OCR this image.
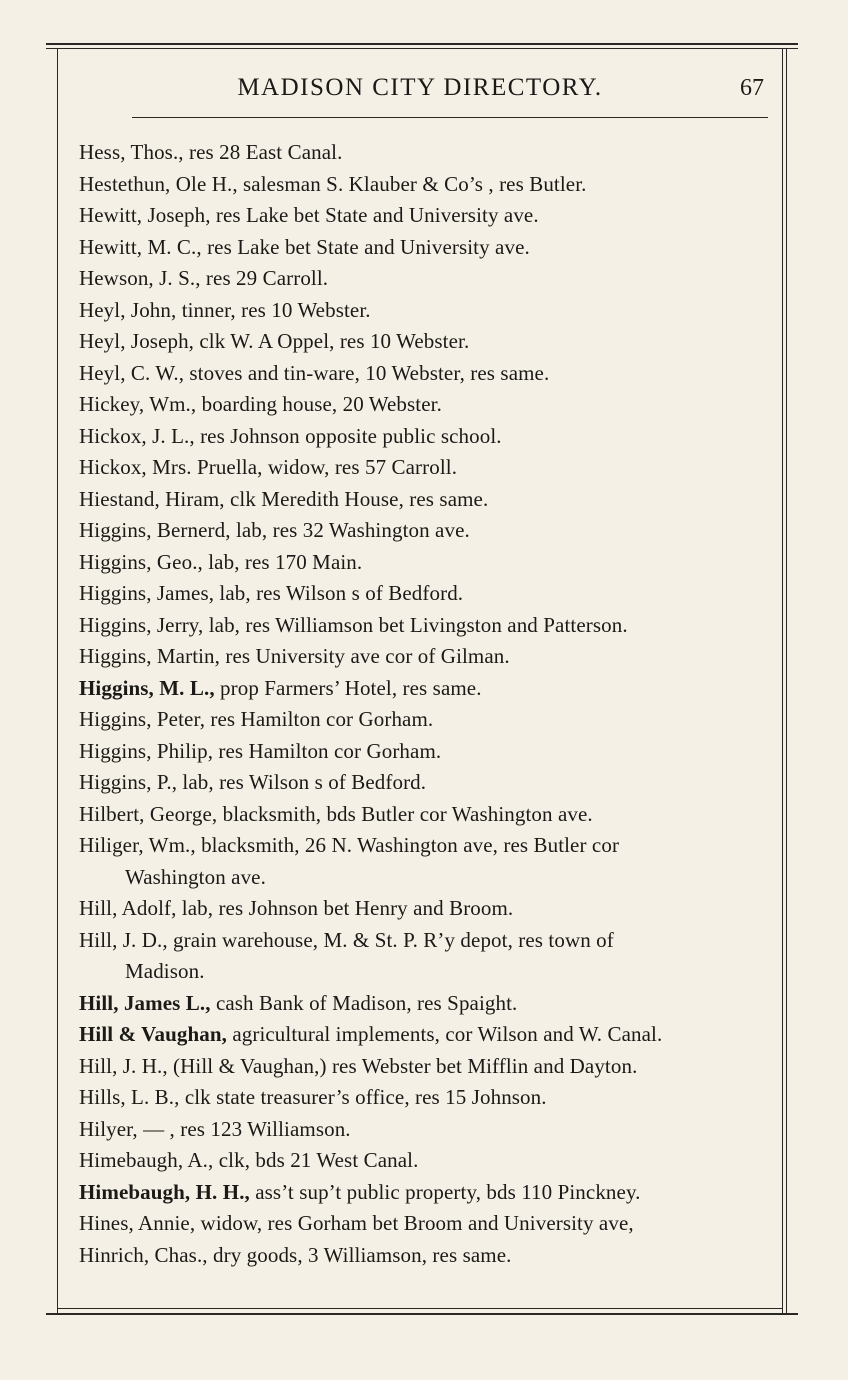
MADISON CITY DIRECTORY.	67
Hess, Thos., res 28 East Canal.
Hestethun, Ole H., salesman S. Klauber & Co’s , res Butler.
Hewitt, Joseph, res Lake bet State and University ave.
Hewitt, M. C., res Lake bet State and University ave.
Hewson, J. S., res 29 Carroll.
Heyl, John, tinner, res 10 Webster.
Heyl, Joseph, clk W. A Oppel, res 10 Webster.
Heyl, C. W., stoves and tin-ware, 10 Webster, res same.
Hickey, Wm., boarding house, 20 Webster.
Hickox, J. L., res Johnson opposite public school.
Hickox, Mrs. Pruella, widow, res 57 Carroll.
Hiestand, Hiram, clk Meredith House, res same.
Higgins, Bernerd, lab, res 32 Washington ave.
Higgins, Geo., lab, res 170 Main.
Higgins, James, lab, res Wilson s of Bedford.
Higgins, Jerry, lab, res Williamson bet Livingston and Patterson.
Higgins, Martin, res University ave cor of Gilman.
Higgins, M. L., prop Farmers’ Hotel, res same.
Higgins, Peter, res Hamilton cor Gorham.
Higgins, Philip, res Hamilton cor Gorham.
Higgins, P., lab, res Wilson s of Bedford.
Hilbert, George, blacksmith, bds Butler cor Washington ave.
Hiliger, Wm., blacksmith, 26 N. Washington ave, res Butler cor
Washington ave.
Hill, Adolf, lab, res Johnson bet Henry and Broom.
Hill, J. D., grain warehouse, M. & St. P. R’y depot, res town of
Madison.
Hill, James L., cash Bank of Madison, res Spaight.
Hill & Vaughan, agricultural implements, cor Wilson and W. Canal.
Hill, J. H., (Hill & Vaughan,) res Webster bet Mifflin and Dayton.
Hills, L. B., clk state treasurer’s office, res 15 Johnson.
Hilyer, — , res 123 Williamson.
Himebaugh, A., clk, bds 21 West Canal.
Himebaugh, H. H., ass’t sup’t public property, bds 110 Pinckney.
Hines, Annie, widow, res Gorham bet Broom and University ave,
Hinrich, Chas., dry goods, 3 Williamson, res same.
